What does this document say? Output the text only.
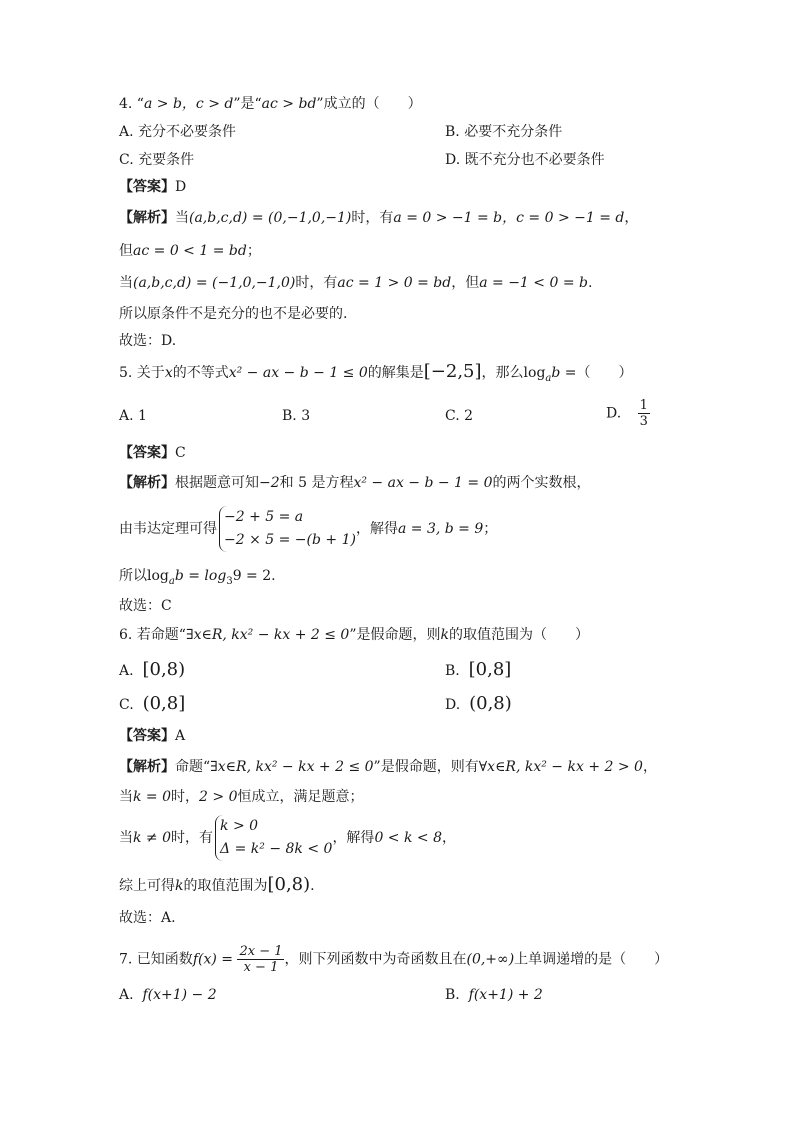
4. “a > b，c > d”是“ac > bd”成立的（　　）
A. 充分不必要条件	B. 必要不充分条件
C. 充要条件	D. 既不充分也不必要条件
【答案】D
【解析】当(a,b,c,d) = (0,−1,0,−1)时，有a = 0 > −1 = b，c = 0 > −1 = d，
但ac = 0 < 1 = bd；
当(a,b,c,d) = (−1,0,−1,0)时，有ac = 1 > 0 = bd，但a = −1 < 0 = b.
所以原条件不是充分的也不是必要的.
故选：D.
5. 关于x的不等式x² − ax − b − 1 ≤ 0的解集是[−2,5]，那么$\log_ab$ =（　　）
A. 1	B. 3	C. 2	D. $\frac{1}{3}$
【答案】C
【解析】根据题意可知−2和 5 是方程x² − ax − b − 1 = 0的两个实数根，
由韦达定理可得
−2 + 5 = a
−2 × 5 = −(b + 1)
，解得a = 3, b = 9；
所以$\log_ab = \log_39 = 2$.
故选：C
6. 若命题“∃x∈R, kx² − kx + 2 ≤ 0”是假命题，则k的取值范围为（　　）
A. [0,8)	B. [0,8]
C. (0,8]	D. (0,8)
【答案】A
【解析】命题“∃x∈R, kx² − kx + 2 ≤ 0”是假命题，则有∀x∈R, kx² − kx + 2 > 0，
当k = 0时，2 > 0恒成立，满足题意；
当k ≠ 0时，有
k > 0
Δ = k² − 8k < 0
，解得0 < k < 8，
综上可得k的取值范围为[0,8).
故选：A.
7. 已知函数$f(x) = \frac{2x - 1}{x - 1}$ ，则下列函数中为奇函数且在(0,+∞)上单调递增的是（　　）
A. f(x+1) − 2	B. f(x+1) + 2
